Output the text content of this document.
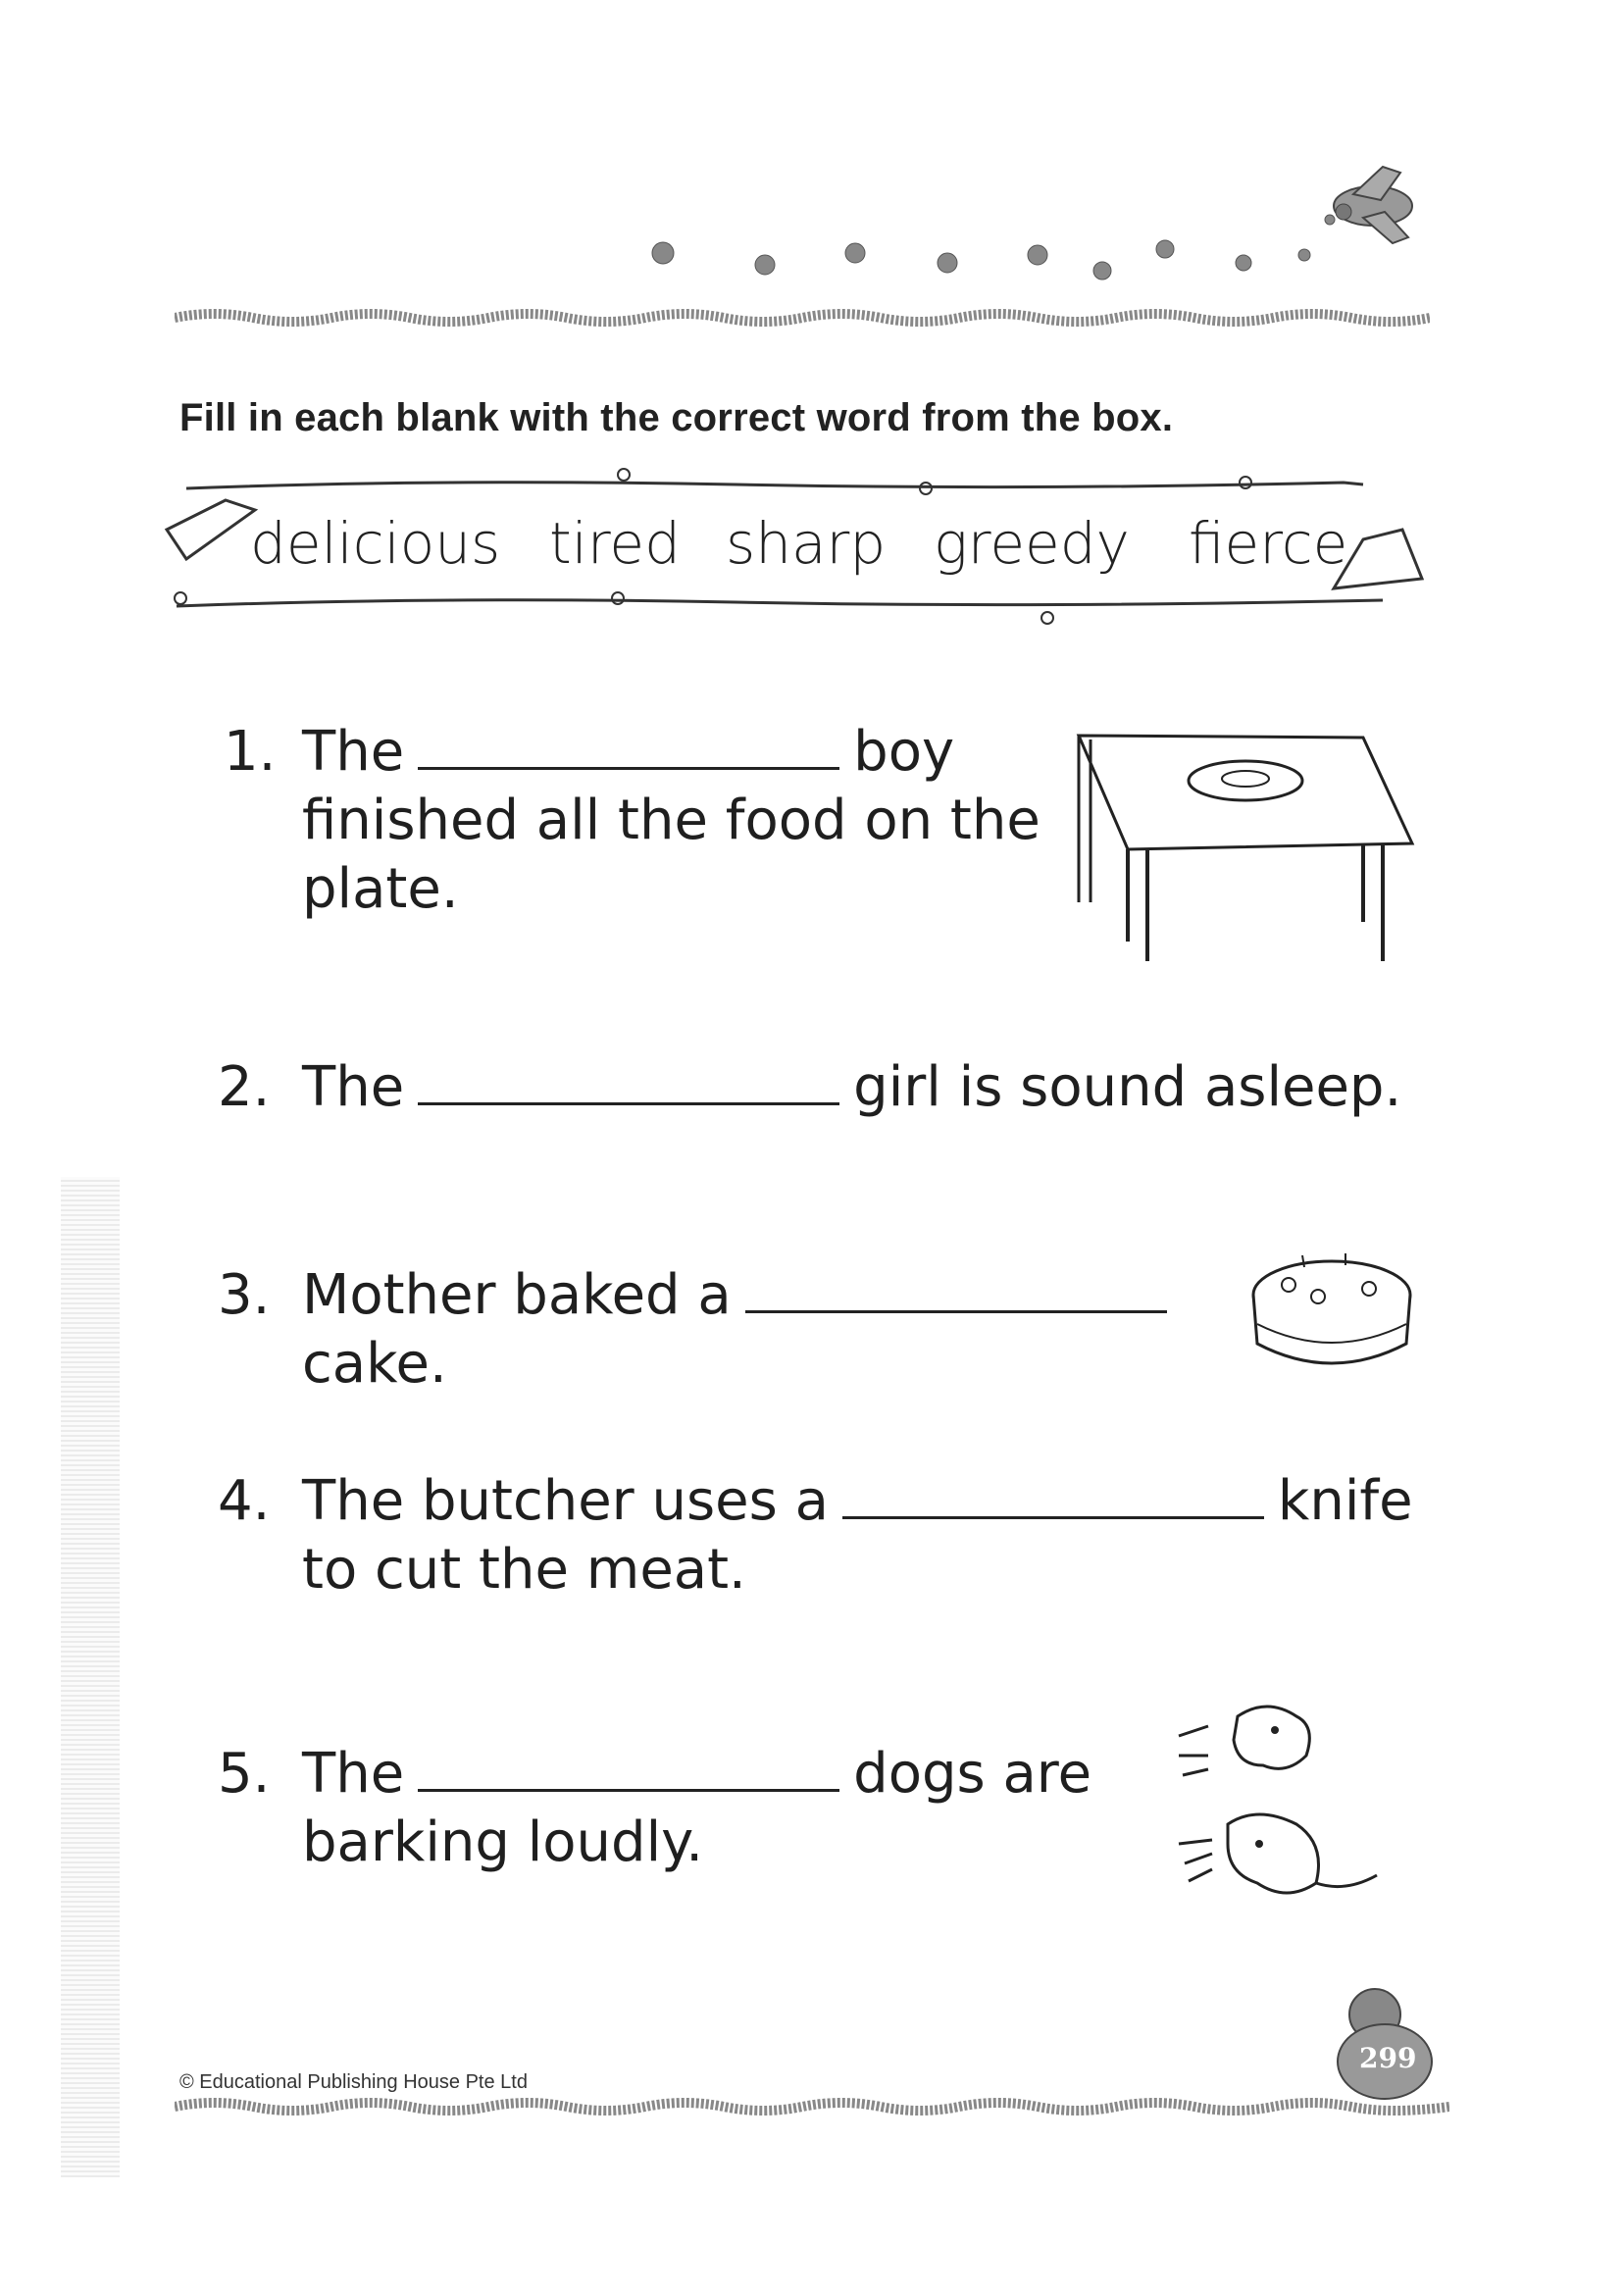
Fill in each blank with the correct word from the box.
delicious tired sharp greedy fierce
1. The	boy
finished all the food on the
plate.
2. The	girl is sound asleep.
3. Mother baked a
cake.
4. The butcher uses a	knife
to cut the meat.
5. The	dogs are
barking loudly.
299
© Educational Publishing House Pte Ltd
